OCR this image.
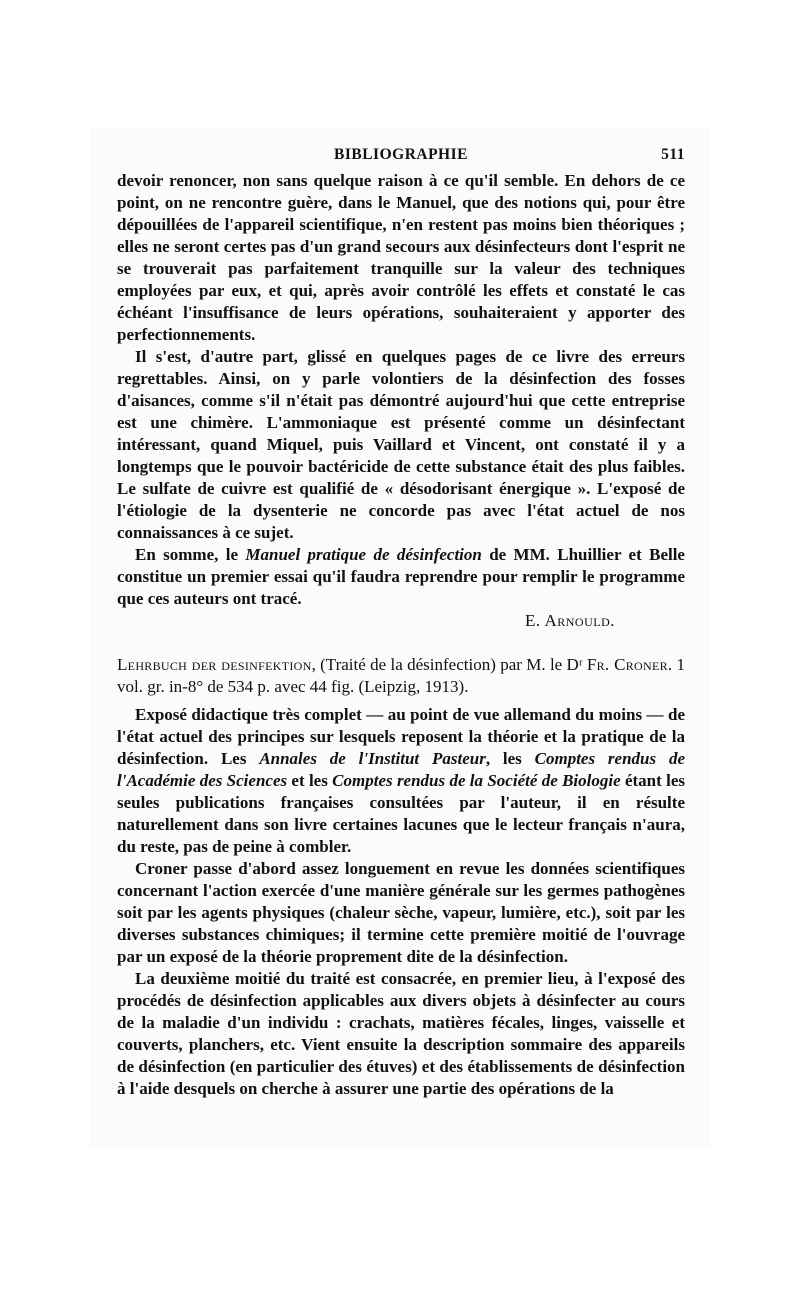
BIBLIOGRAPHIE	511

devoir renoncer, non sans quelque raison à ce qu'il semble. En dehors de ce point, on ne rencontre guère, dans le Manuel, que des notions qui, pour être dépouillées de l'appareil scientifique, n'en restent pas moins bien théoriques ; elles ne seront certes pas d'un grand secours aux désinfecteurs dont l'esprit ne se trouverait pas parfaitement tranquille sur la valeur des techniques employées par eux, et qui, après avoir contrôlé les effets et constaté le cas échéant l'insuffisance de leurs opérations, souhaiteraient y apporter des perfectionnements.

Il s'est, d'autre part, glissé en quelques pages de ce livre des erreurs regrettables. Ainsi, on y parle volontiers de la désinfection des fosses d'aisances, comme s'il n'était pas démontré aujourd'hui que cette entreprise est une chimère. L'ammoniaque est présenté comme un désinfectant intéressant, quand Miquel, puis Vaillard et Vincent, ont constaté il y a longtemps que le pouvoir bactéricide de cette substance était des plus faibles. Le sulfate de cuivre est qualifié de « désodorisant énergique ». L'exposé de l'étiologie de la dysenterie ne concorde pas avec l'état actuel de nos connaissances à ce sujet.

En somme, le Manuel pratique de désinfection de MM. Lhuillier et Belle constitue un premier essai qu'il faudra reprendre pour remplir le programme que ces auteurs ont tracé.

E. Arnould.

Lehrbuch der desinfektion, (Traité de la désinfection) par M. le Dʳ Fr. Croner. 1 vol. gr. in-8° de 534 p. avec 44 fig. (Leipzig, 1913).

Exposé didactique très complet — au point de vue allemand du moins — de l'état actuel des principes sur lesquels reposent la théorie et la pratique de la désinfection. Les Annales de l'Institut Pasteur, les Comptes rendus de l'Académie des Sciences et les Comptes rendus de la Société de Biologie étant les seules publications françaises consultées par l'auteur, il en résulte naturellement dans son livre certaines lacunes que le lecteur français n'aura, du reste, pas de peine à combler.

Croner passe d'abord assez longuement en revue les données scientifiques concernant l'action exercée d'une manière générale sur les germes pathogènes soit par les agents physiques (chaleur sèche, vapeur, lumière, etc.), soit par les diverses substances chimiques; il termine cette première moitié de l'ouvrage par un exposé de la théorie proprement dite de la désinfection.

La deuxième moitié du traité est consacrée, en premier lieu, à l'exposé des procédés de désinfection applicables aux divers objets à désinfecter au cours de la maladie d'un individu : crachats, matières fécales, linges, vaisselle et couverts, planchers, etc. Vient ensuite la description sommaire des appareils de désinfection (en particulier des étuves) et des établissements de désinfection à l'aide desquels on cherche à assurer une partie des opérations de la
